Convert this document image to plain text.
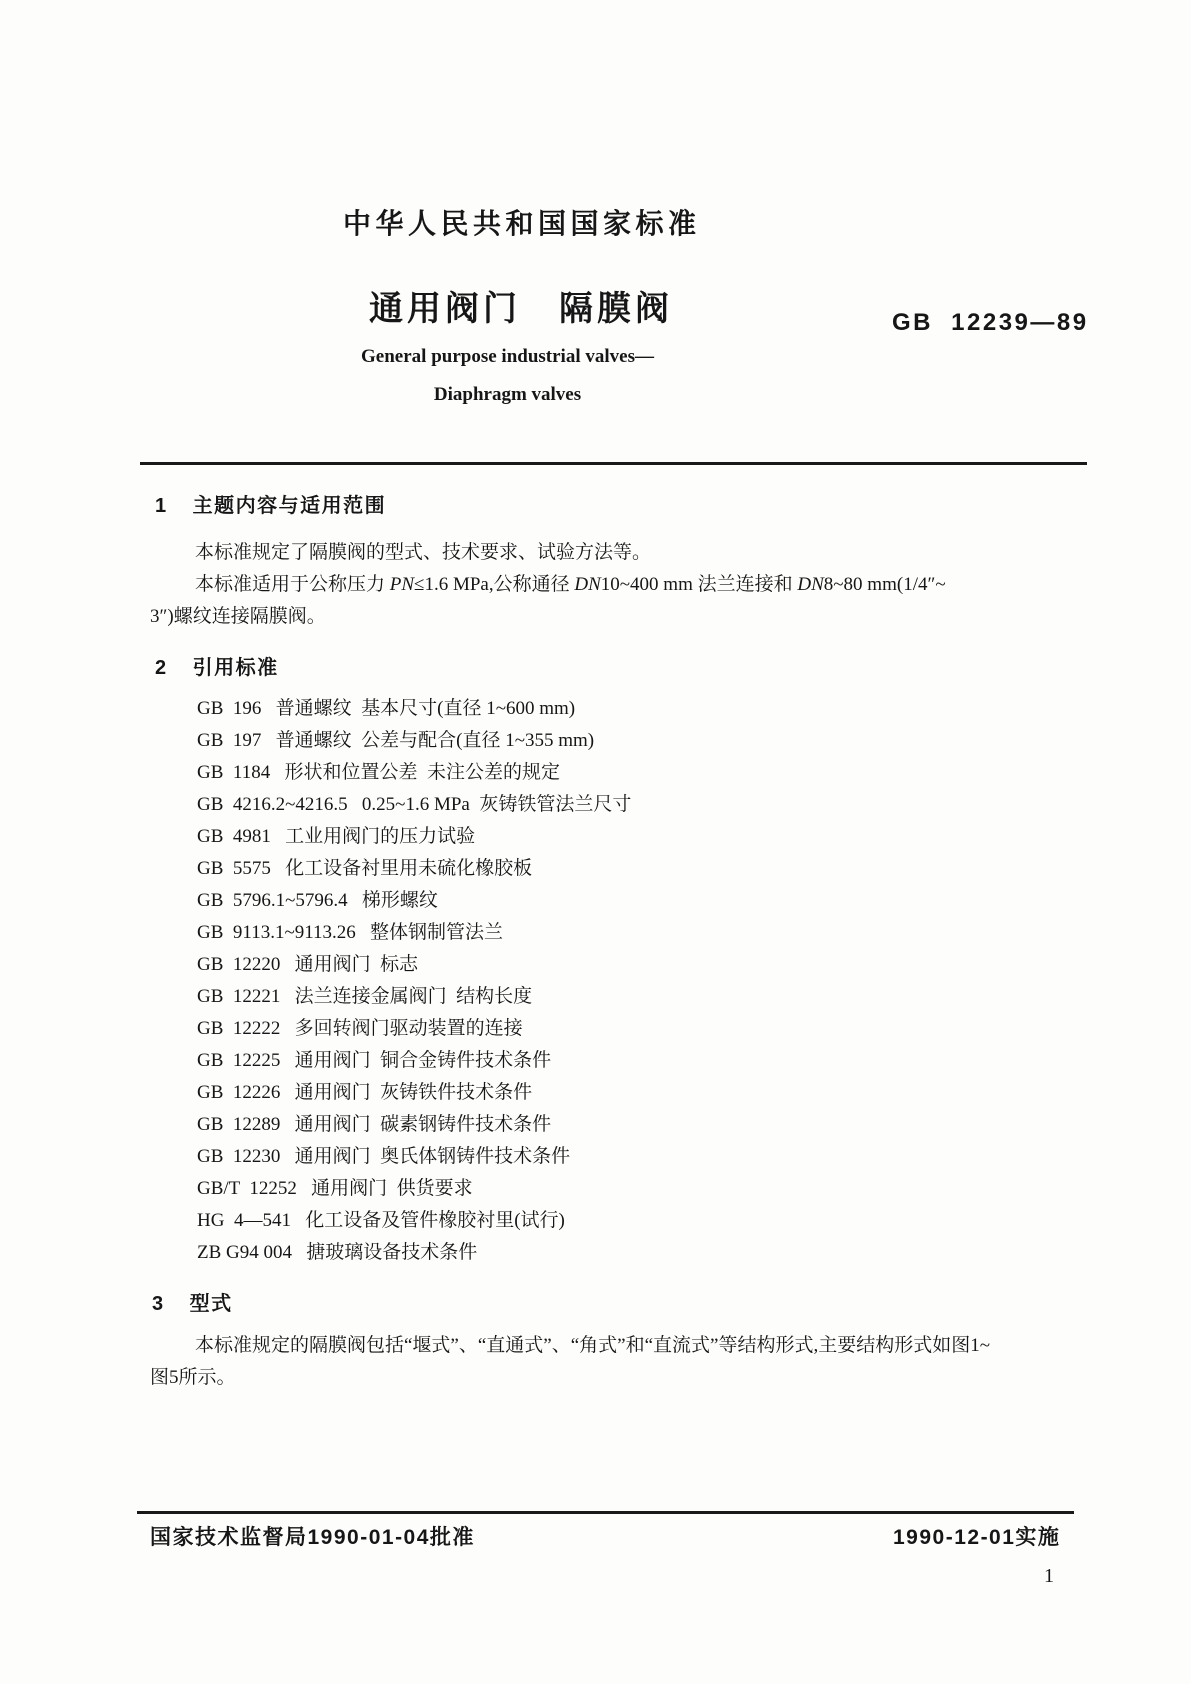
中华人民共和国国家标准
通用阀门　隔膜阀	GB 12239—89
General purpose industrial valves—
Diaphragm valves
1 主题内容与适用范围

本标准规定了隔膜阀的型式、技术要求、试验方法等。

本标准适用于公称压力 PN≤1.6 MPa,公称通径 DN10~400 mm 法兰连接和 DN8~80 mm(1/4″~

3″)螺纹连接隔膜阀。

2 引用标准
GB  196   普通螺纹  基本尺寸(直径 1~600 mm)
GB  197   普通螺纹  公差与配合(直径 1~355 mm)
GB  1184   形状和位置公差  未注公差的规定
GB  4216.2~4216.5   0.25~1.6 MPa  灰铸铁管法兰尺寸
GB  4981   工业用阀门的压力试验
GB  5575   化工设备衬里用未硫化橡胶板
GB  5796.1~5796.4   梯形螺纹
GB  9113.1~9113.26   整体钢制管法兰
GB  12220   通用阀门  标志
GB  12221   法兰连接金属阀门  结构长度
GB  12222   多回转阀门驱动装置的连接
GB  12225   通用阀门  铜合金铸件技术条件
GB  12226   通用阀门  灰铸铁件技术条件
GB  12289   通用阀门  碳素钢铸件技术条件
GB  12230   通用阀门  奥氏体钢铸件技术条件
GB/T  12252   通用阀门  供货要求
HG  4—541   化工设备及管件橡胶衬里(试行)
ZB G94 004   搪玻璃设备技术条件
3 型式

本标准规定的隔膜阀包括“堰式”、“直通式”、“角式”和“直流式”等结构形式,主要结构形式如图1~

图5所示。

国家技术监督局1990-01-04批准	1990-12-01实施
1
